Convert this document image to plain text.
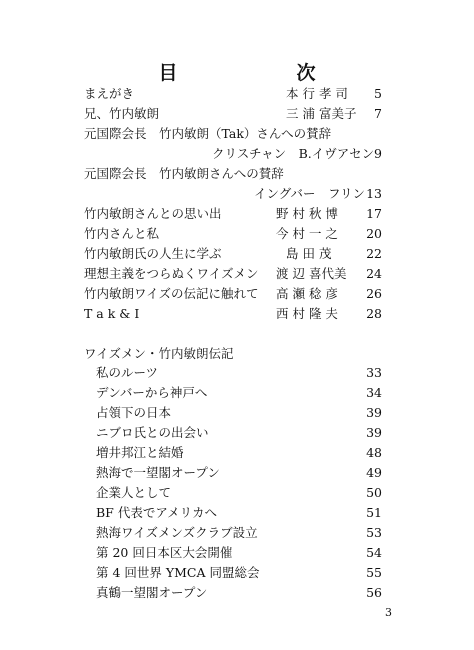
目　次
まえがき	本 行 孝 司	5
兄、竹内敏朗	三 浦 富美子	7
元国際会長　竹内敏朗（Tak）さんへの賛辞
クリスチャン　B.イヴアセン 9
元国際会長　竹内敏朗さんへの賛辞
イングバー　フリン 13
竹内敏朗さんとの思い出	野 村 秋 博	17
竹内さんと私	今 村 一 之	20
竹内敏朗氏の人生に学ぶ	島 田 茂	22
理想主義をつらぬくワイズメン 渡 辺 喜代美	24
竹内敏朗ワイズの伝記に触れて 高 瀬 稔 彦	26
T a k & I	西 村 隆 夫	28
ワイズメン・竹内敏朗伝記
私のルーツ	33
デンバーから神戸へ	34
占領下の日本	39
ニブロ氏との出会い	39
増井邦江と結婚	48
熱海で一望閣オープン	49
企業人として	50
BF 代表でアメリカへ	51
熱海ワイズメンズクラブ設立	53
第 20 回日本区大会開催	54
第 4 回世界 YMCA 同盟総会	55
真鶴一望閣オープン	56
3
